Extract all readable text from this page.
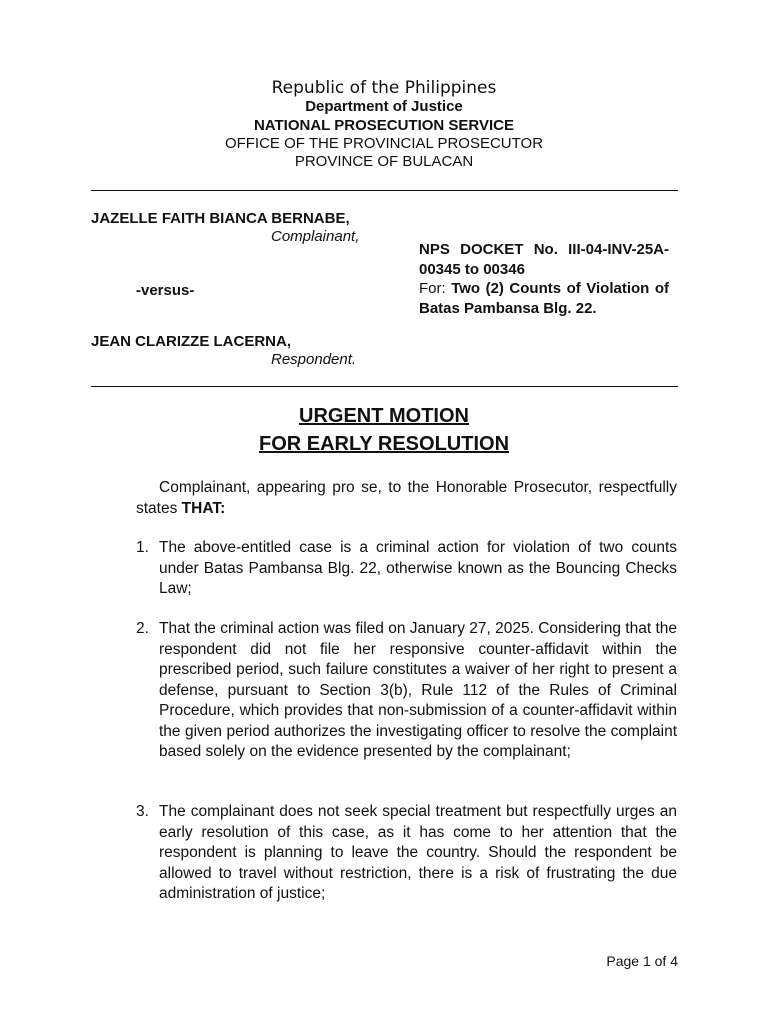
Republic of the Philippines
Department of Justice
NATIONAL PROSECUTION SERVICE
OFFICE OF THE PROVINCIAL PROSECUTOR
PROVINCE OF BULACAN
JAZELLE FAITH BIANCA BERNABE,
Complainant,
-versus-
JEAN CLARIZZE LACERNA,
Respondent.
NPS DOCKET No. III-04-INV-25A-00345 to 00346
For: Two (2) Counts of Violation of Batas Pambansa Blg. 22.
URGENT MOTION
FOR EARLY RESOLUTION
Complainant, appearing pro se, to the Honorable Prosecutor, respectfully states THAT:
1. The above-entitled case is a criminal action for violation of two counts under Batas Pambansa Blg. 22, otherwise known as the Bouncing Checks Law;
2. That the criminal action was filed on January 27, 2025. Considering that the respondent did not file her responsive counter-affidavit within the prescribed period, such failure constitutes a waiver of her right to present a defense, pursuant to Section 3(b), Rule 112 of the Rules of Criminal Procedure, which provides that non-submission of a counter-affidavit within the given period authorizes the investigating officer to resolve the complaint based solely on the evidence presented by the complainant;
3. The complainant does not seek special treatment but respectfully urges an early resolution of this case, as it has come to her attention that the respondent is planning to leave the country. Should the respondent be allowed to travel without restriction, there is a risk of frustrating the due administration of justice;
Page 1 of 4
